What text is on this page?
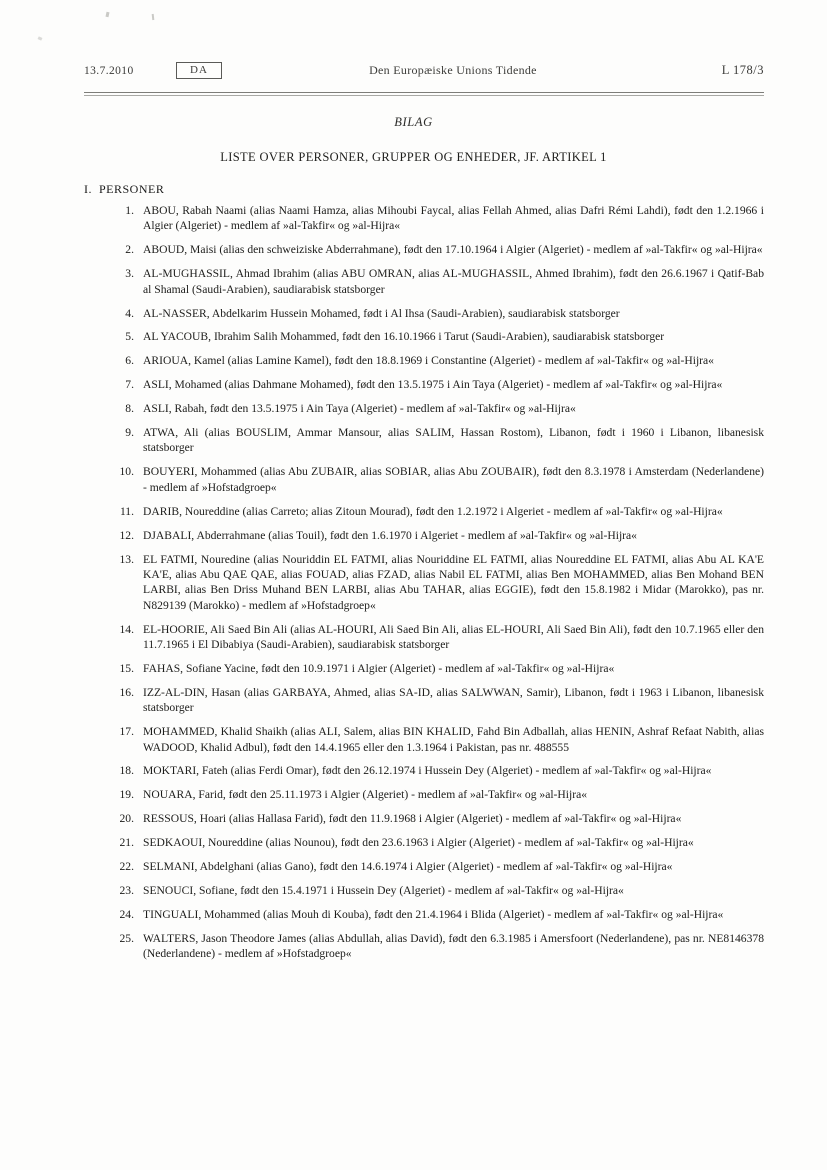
13.7.2010	DA	Den Europæiske Unions Tidende	L 178/3
BILAG
LISTE OVER PERSONER, GRUPPER OG ENHEDER, JF. ARTIKEL 1
I. PERSONER
1. ABOU, Rabah Naami (alias Naami Hamza, alias Mihoubi Faycal, alias Fellah Ahmed, alias Dafri Rémi Lahdi), født den 1.2.1966 i Algier (Algeriet) - medlem af »al-Takfir« og »al-Hijra«
2. ABOUD, Maisi (alias den schweiziske Abderrahmane), født den 17.10.1964 i Algier (Algeriet) - medlem af »al-Takfir« og »al-Hijra«
3. AL-MUGHASSIL, Ahmad Ibrahim (alias ABU OMRAN, alias AL-MUGHASSIL, Ahmed Ibrahim), født den 26.6.1967 i Qatif-Bab al Shamal (Saudi-Arabien), saudiarabisk statsborger
4. AL-NASSER, Abdelkarim Hussein Mohamed, født i Al Ihsa (Saudi-Arabien), saudiarabisk statsborger
5. AL YACOUB, Ibrahim Salih Mohammed, født den 16.10.1966 i Tarut (Saudi-Arabien), saudiarabisk statsborger
6. ARIOUA, Kamel (alias Lamine Kamel), født den 18.8.1969 i Constantine (Algeriet) - medlem af »al-Takfir« og »al-Hijra«
7. ASLI, Mohamed (alias Dahmane Mohamed), født den 13.5.1975 i Ain Taya (Algeriet) - medlem af »al-Takfir« og »al-Hijra«
8. ASLI, Rabah, født den 13.5.1975 i Ain Taya (Algeriet) - medlem af »al-Takfir« og »al-Hijra«
9. ATWA, Ali (alias BOUSLIM, Ammar Mansour, alias SALIM, Hassan Rostom), Libanon, født i 1960 i Libanon, libanesisk statsborger
10. BOUYERI, Mohammed (alias Abu ZUBAIR, alias SOBIAR, alias Abu ZOUBAIR), født den 8.3.1978 i Amsterdam (Nederlandene) - medlem af »Hofstadgroep«
11. DARIB, Noureddine (alias Carreto; alias Zitoun Mourad), født den 1.2.1972 i Algeriet - medlem af »al-Takfir« og »al-Hijra«
12. DJABALI, Abderrahmane (alias Touil), født den 1.6.1970 i Algeriet - medlem af »al-Takfir« og »al-Hijra«
13. EL FATMI, Nouredine (alias Nouriddin EL FATMI, alias Nouriddine EL FATMI, alias Noureddine EL FATMI, alias Abu AL KA'E KA'E, alias Abu QAE QAE, alias FOUAD, alias FZAD, alias Nabil EL FATMI, alias Ben MOHAMMED, alias Ben Mohand BEN LARBI, alias Ben Driss Muhand BEN LARBI, alias Abu TAHAR, alias EGGIE), født den 15.8.1982 i Midar (Marokko), pas nr. N829139 (Marokko) - medlem af »Hofstadgroep«
14. EL-HOORIE, Ali Saed Bin Ali (alias AL-HOURI, Ali Saed Bin Ali, alias EL-HOURI, Ali Saed Bin Ali), født den 10.7.1965 eller den 11.7.1965 i El Dibabiya (Saudi-Arabien), saudiarabisk statsborger
15. FAHAS, Sofiane Yacine, født den 10.9.1971 i Algier (Algeriet) - medlem af »al-Takfir« og »al-Hijra«
16. IZZ-AL-DIN, Hasan (alias GARBAYA, Ahmed, alias SA-ID, alias SALWWAN, Samir), Libanon, født i 1963 i Libanon, libanesisk statsborger
17. MOHAMMED, Khalid Shaikh (alias ALI, Salem, alias BIN KHALID, Fahd Bin Adballah, alias HENIN, Ashraf Refaat Nabith, alias WADOOD, Khalid Adbul), født den 14.4.1965 eller den 1.3.1964 i Pakistan, pas nr. 488555
18. MOKTARI, Fateh (alias Ferdi Omar), født den 26.12.1974 i Hussein Dey (Algeriet) - medlem af »al-Takfir« og »al-Hijra«
19. NOUARA, Farid, født den 25.11.1973 i Algier (Algeriet) - medlem af »al-Takfir« og »al-Hijra«
20. RESSOUS, Hoari (alias Hallasa Farid), født den 11.9.1968 i Algier (Algeriet) - medlem af »al-Takfir« og »al-Hijra«
21. SEDKAOUI, Noureddine (alias Nounou), født den 23.6.1963 i Algier (Algeriet) - medlem af »al-Takfir« og »al-Hijra«
22. SELMANI, Abdelghani (alias Gano), født den 14.6.1974 i Algier (Algeriet) - medlem af »al-Takfir« og »al-Hijra«
23. SENOUCI, Sofiane, født den 15.4.1971 i Hussein Dey (Algeriet) - medlem af »al-Takfir« og »al-Hijra«
24. TINGUALI, Mohammed (alias Mouh di Kouba), født den 21.4.1964 i Blida (Algeriet) - medlem af »al-Takfir« og »al-Hijra«
25. WALTERS, Jason Theodore James (alias Abdullah, alias David), født den 6.3.1985 i Amersfoort (Nederlandene), pas nr. NE8146378 (Nederlandene) - medlem af »Hofstadgroep«
